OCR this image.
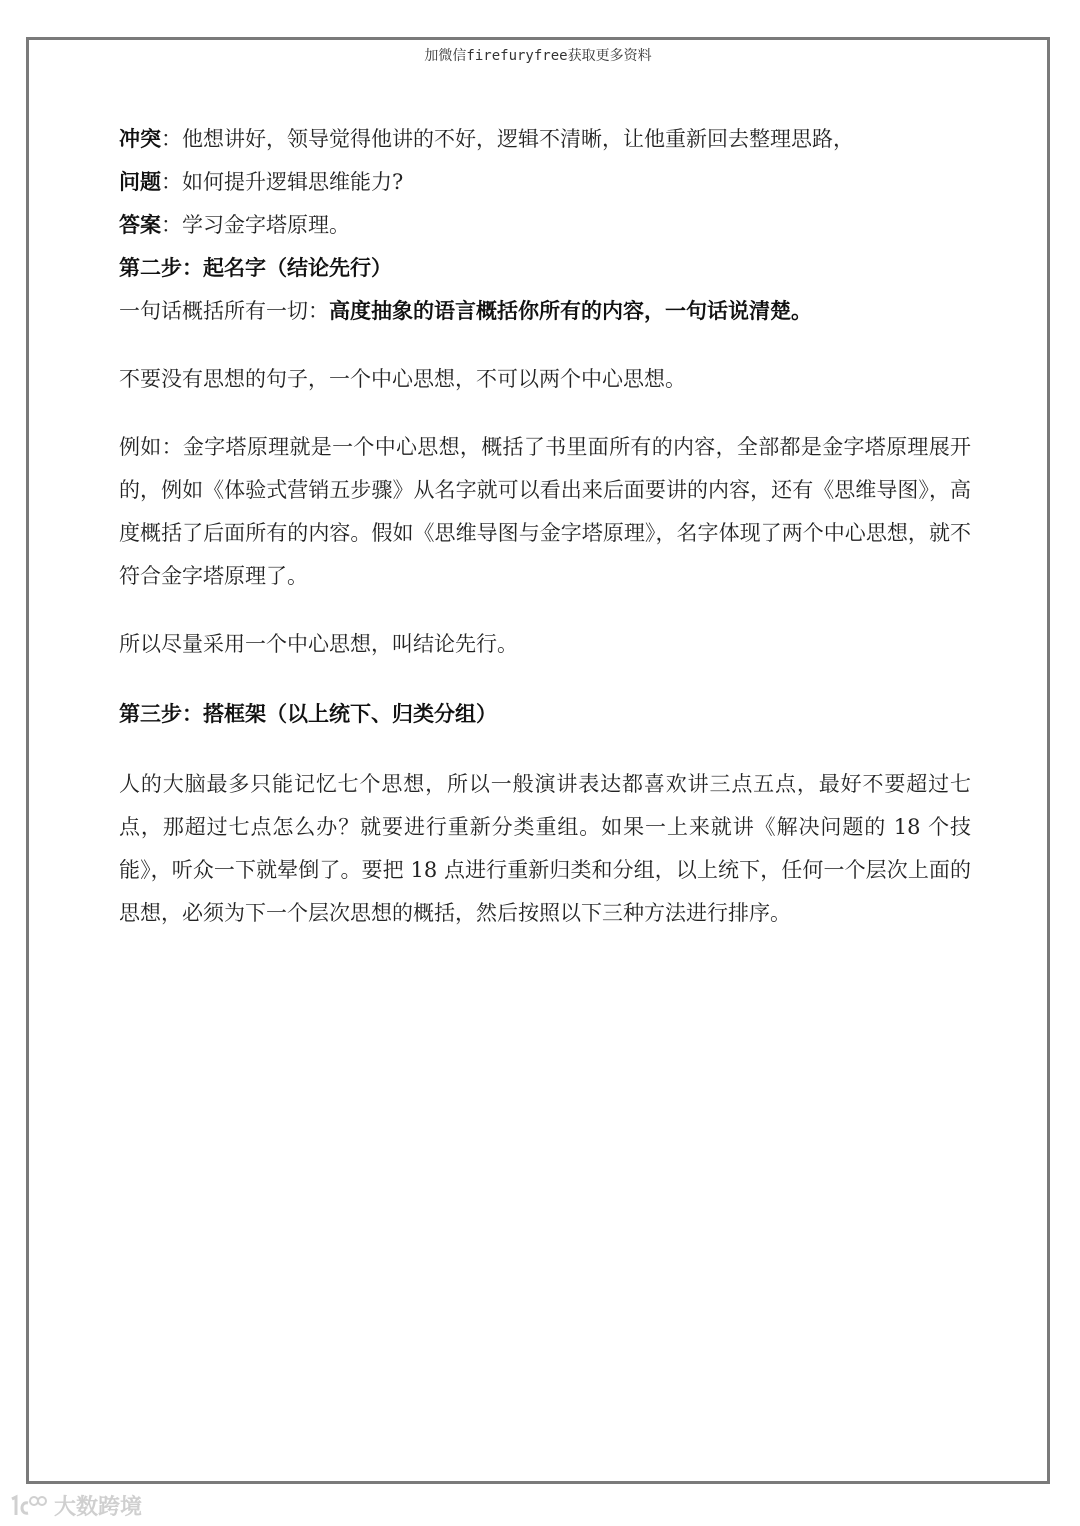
加微信firefuryfree获取更多资料

冲突：他想讲好，领导觉得他讲的不好，逻辑不清晰，让他重新回去整理思路，

问题：如何提升逻辑思维能力?

答案：学习金字塔原理。

第二步：起名字（结论先行）

一句话概括所有一切：高度抽象的语言概括你所有的内容，一句话说清楚。

不要没有思想的句子，一个中心思想，不可以两个中心思想。

例如：金字塔原理就是一个中心思想，概括了书里面所有的内容，全部都是金字塔原理展开的，例如《体验式营销五步骤》从名字就可以看出来后面要讲的内容，还有《思维导图》，高度概括了后面所有的内容。假如《思维导图与金字塔原理》，名字体现了两个中心思想，就不符合金字塔原理了。

所以尽量采用一个中心思想，叫结论先行。

第三步：搭框架（以上统下、归类分组）

人的大脑最多只能记忆七个思想，所以一般演讲表达都喜欢讲三点五点，最好不要超过七点，那超过七点怎么办？就要进行重新分类重组。如果一上来就讲《解决问题的 18 个技能》，听众一下就晕倒了。要把 18 点进行重新归类和分组，以上统下，任何一个层次上面的思想，必须为下一个层次思想的概括，然后按照以下三种方法进行排序。

大数跨境
